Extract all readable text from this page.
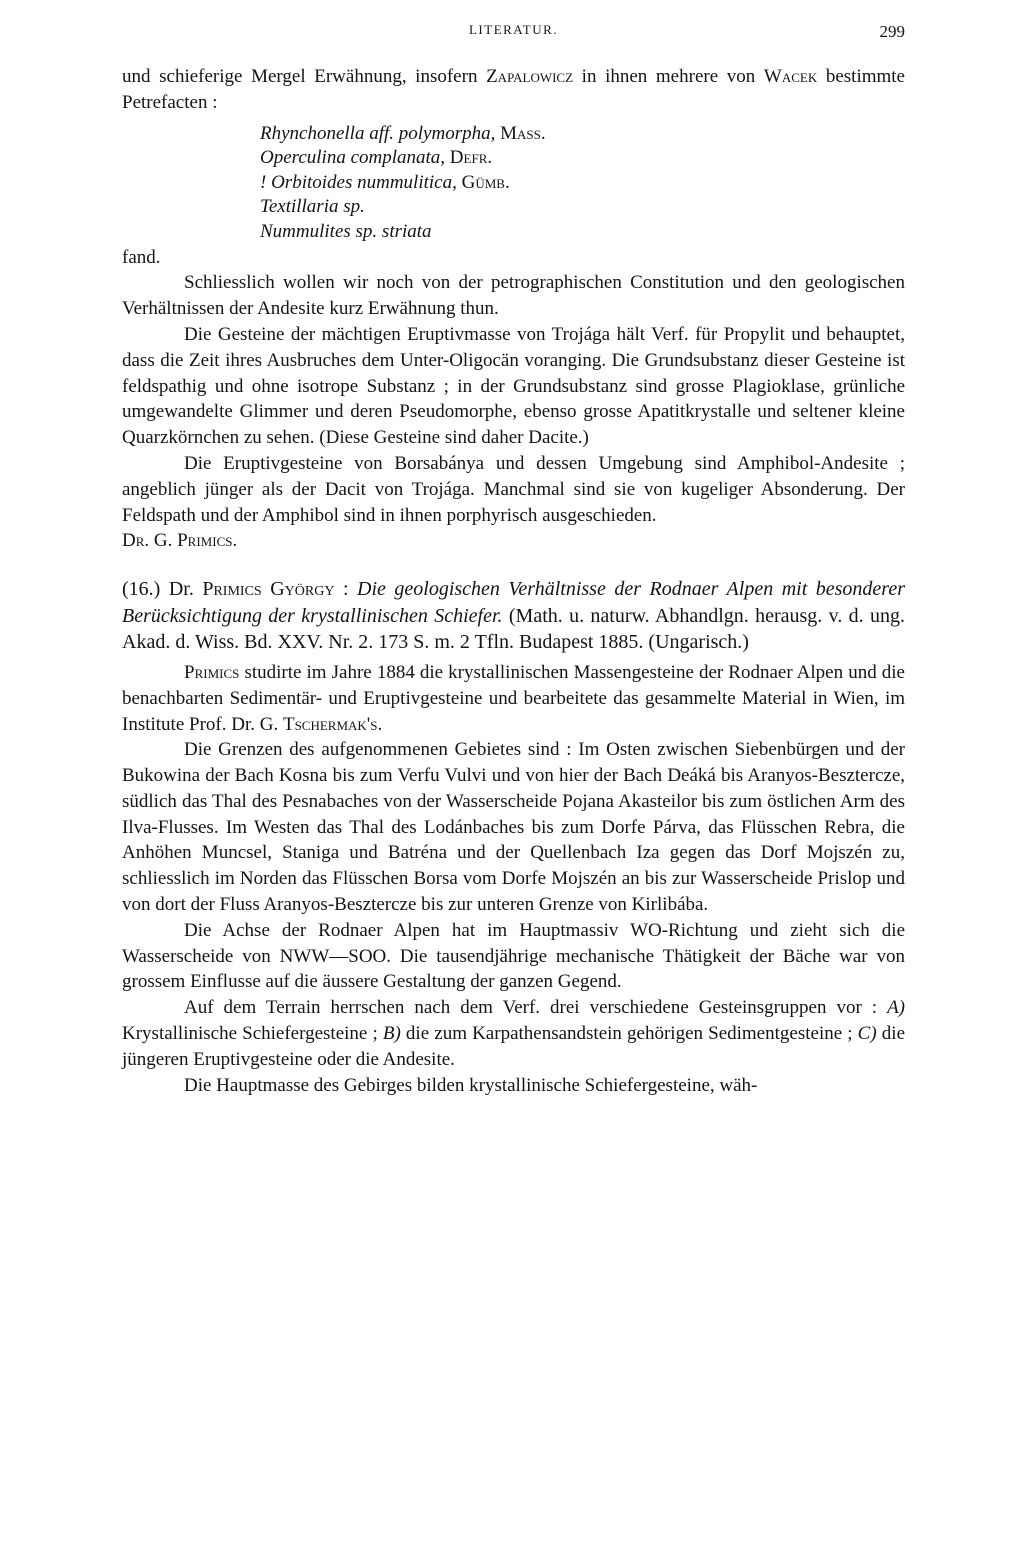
LITERATUR.	299

und schieferige Mergel Erwähnung, insofern Zapalowicz in ihnen mehrere von Wacek bestimmte Petrefacten :

Rhynchonella aff. polymorpha, Mass.
Operculina complanata, Defr.
! Orbitoides nummulitica, Gümb.
Textillaria sp.
Nummulites sp. striata

fand.

Schliesslich wollen wir noch von der petrographischen Constitution und den geologischen Verhältnissen der Andesite kurz Erwähnung thun.

Die Gesteine der mächtigen Eruptivmasse von Trojága hält Verf. für Propylit und behauptet, dass die Zeit ihres Ausbruches dem Unter-Oligocän voranging. Die Grundsubstanz dieser Gesteine ist feldspathig und ohne isotrope Substanz ; in der Grundsubstanz sind grosse Plagioklase, grünliche umgewandelte Glimmer und deren Pseudomorphe, ebenso grosse Apatitkrystalle und seltener kleine Quarzkörnchen zu sehen. (Diese Gesteine sind daher Dacite.)

Die Eruptivgesteine von Borsabánya und dessen Umgebung sind Amphibol-Andesite ; angeblich jünger als der Dacit von Trojága. Manchmal sind sie von kugeliger Absonderung. Der Feldspath und der Amphibol sind in ihnen porphyrisch ausgeschieden.

Dr. G. Primics.

(16.) Dr. Primics György : Die geologischen Verhältnisse der Rodnaer Alpen mit besonderer Berücksichtigung der krystallinischen Schiefer. (Math. u. naturw. Abhandlgn. herausg. v. d. ung. Akad. d. Wiss. Bd. XXV. Nr. 2. 173 S. m. 2 Tfln. Budapest 1885. (Ungarisch.)

Primics studirte im Jahre 1884 die krystallinischen Massengesteine der Rodnaer Alpen und die benachbarten Sedimentär- und Eruptivgesteine und bearbeitete das gesammelte Material in Wien, im Institute Prof. Dr. G. Tschermak's.

Die Grenzen des aufgenommenen Gebietes sind : Im Osten zwischen Siebenbürgen und der Bukowina der Bach Kosna bis zum Verfu Vulvi und von hier der Bach Deáká bis Aranyos-Besztercze, südlich das Thal des Pesnabaches von der Wasserscheide Pojana Akasteilor bis zum östlichen Arm des Ilva-Flusses. Im Westen das Thal des Lodánbaches bis zum Dorfe Párva, das Flüsschen Rebra, die Anhöhen Muncsel, Staniga und Batréna und der Quellenbach Iza gegen das Dorf Mojszén zu, schliesslich im Norden das Flüsschen Borsa vom Dorfe Mojszén an bis zur Wasserscheide Prislop und von dort der Fluss Aranyos-Besztercze bis zur unteren Grenze von Kirlibába.

Die Achse der Rodnaer Alpen hat im Hauptmassiv WO-Richtung und zieht sich die Wasserscheide von NWW—SOO. Die tausendjährige mechanische Thätigkeit der Bäche war von grossem Einflusse auf die äussere Gestaltung der ganzen Gegend.

Auf dem Terrain herrschen nach dem Verf. drei verschiedene Gesteinsgruppen vor : A) Krystallinische Schiefergesteine ; B) die zum Karpathensandstein gehörigen Sedimentgesteine ; C) die jüngeren Eruptivgesteine oder die Andesite.

Die Hauptmasse des Gebirges bilden krystallinische Schiefergesteine, wäh-
